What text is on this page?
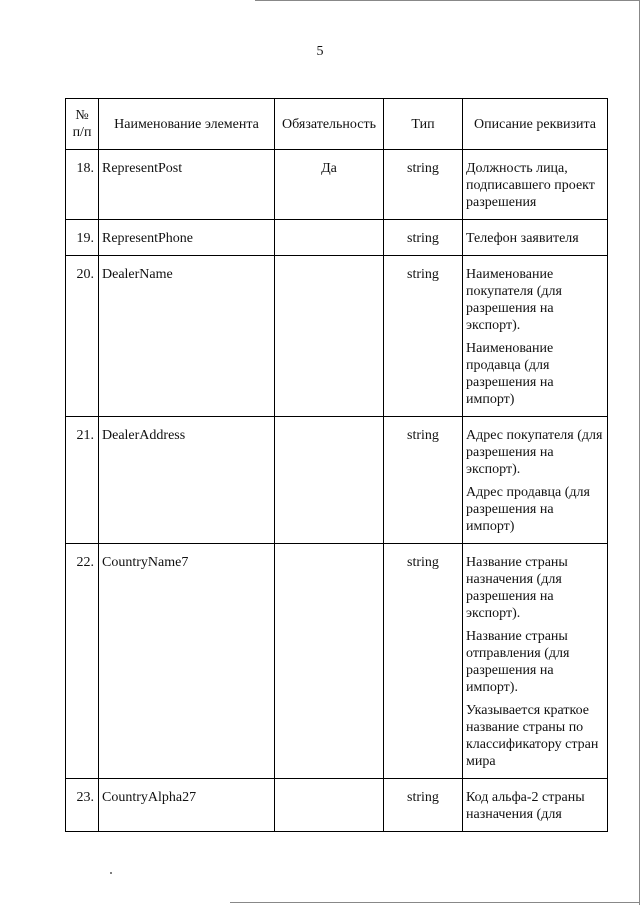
5
№ п/п	Наименование элемента	Обязательность	Тип	Описание реквизита
18.	RepresentPost	Да	string	Должность лица, подписавшего проект разрешения

19.	RepresentPhone		string	Телефон заявителя

20.	DealerName		string	Наименование покупателя (для разрешения на экспорт).

Наименование продавца (для разрешения на импорт)

21.	DealerAddress		string	Адрес покупателя (для разрешения на экспорт).

Адрес продавца (для разрешения на импорт)

22.	CountryName7		string	Название страны назначения (для разрешения на экспорт).

Название страны отправления (для разрешения на импорт).

Указывается краткое название страны по классификатору стран мира

23.	CountryAlpha27		string	Код альфа-2 страны назначения (для
